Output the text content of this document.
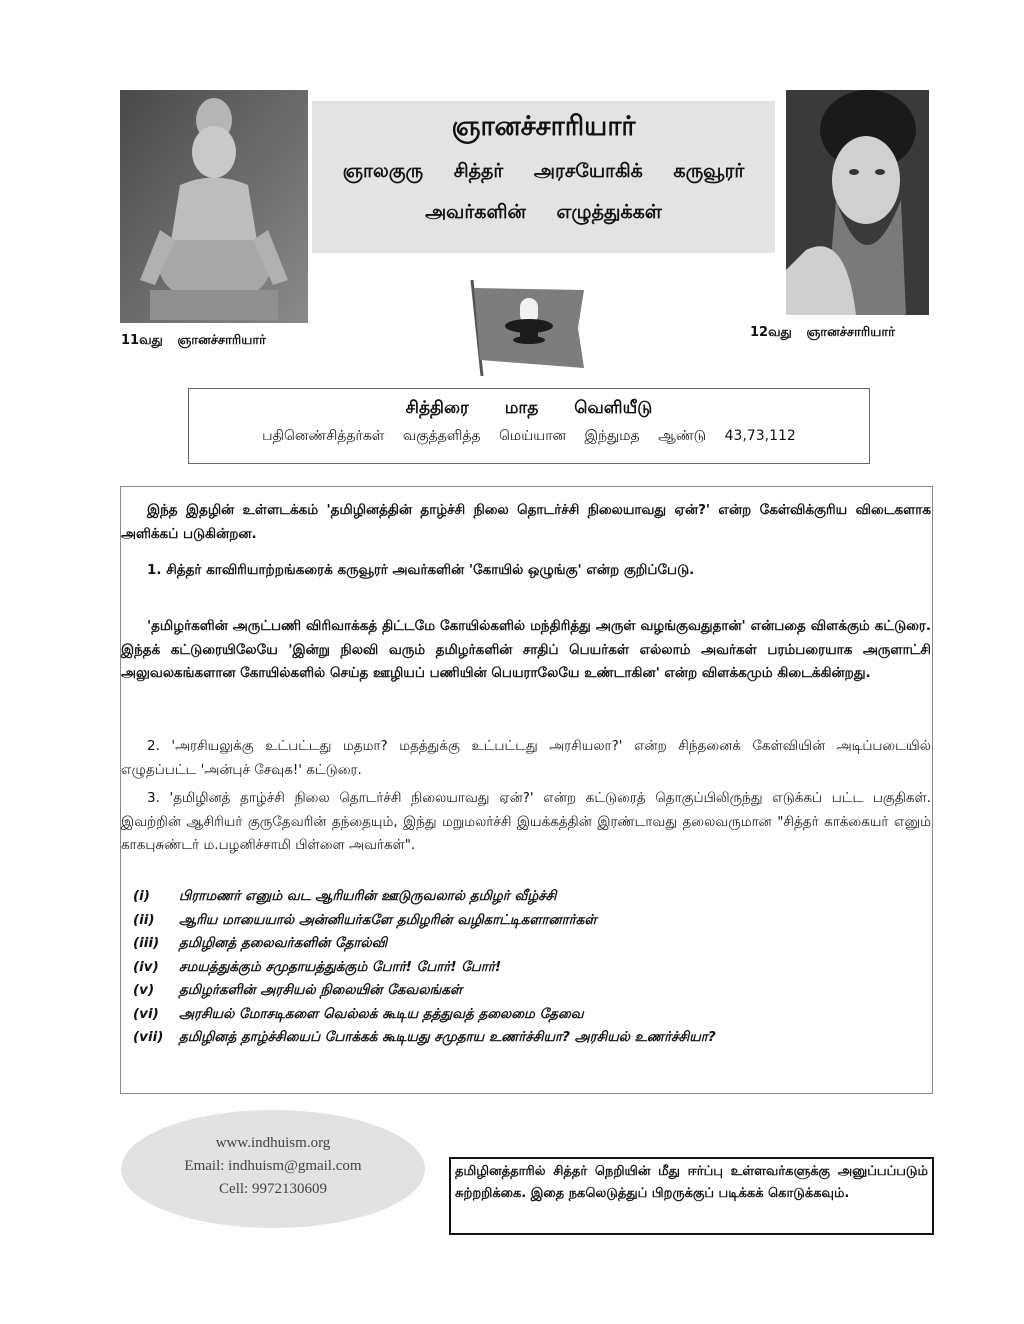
ஞானச்சாரியார்
ஞாலகுரு சித்தர் அரசயோகிக் கருவூரர்
அவர்களின் எழுத்துக்கள்
11வது ஞானச்சாரியார்
12வது ஞானச்சாரியார்
சித்திரை மாத வெளியீடு
பதினெண்சித்தர்கள் வகுத்தளித்த மெய்யான இந்துமத ஆண்டு 43,73,112

இந்த இதழின் உள்ளடக்கம் 'தமிழினத்தின் தாழ்ச்சி நிலை தொடர்ச்சி நிலையாவது ஏன்?' என்ற கேள்விக்குரிய விடைகளாக அளிக்கப் படுகின்றன.

1. சித்தர் காவிரியாற்றங்கரைக் கருவூரர் அவர்களின் 'கோயில் ஒழுங்கு' என்ற குறிப்பேடு.

'தமிழர்களின் அருட்பணி விரிவாக்கத் திட்டமே கோயில்களில் மந்திரித்து அருள் வழங்குவதுதான்' என்பதை விளக்கும் கட்டுரை. இந்தக் கட்டுரையிலேயே 'இன்று நிலவி வரும் தமிழர்களின் சாதிப் பெயர்கள் எல்லாம் அவர்கள் பரம்பரையாக அருளாட்சி அலுவலகங்களான கோயில்களில் செய்த ஊழியப் பணியின் பெயராலேயே உண்டாகின' என்ற விளக்கமும் கிடைக்கின்றது.

2. 'அரசியலுக்கு உட்பட்டது மதமா? மதத்துக்கு உட்பட்டது அரசியலா?' என்ற சிந்தனைக் கேள்வியின் அடிப்படையில் எழுதப்பட்ட 'அன்புச் சேவுக!' கட்டுரை.

3. 'தமிழினத் தாழ்ச்சி நிலை தொடர்ச்சி நிலையாவது ஏன்?' என்ற கட்டுரைத் தொகுப்பிலிருந்து எடுக்கப் பட்ட பகுதிகள். இவற்றின் ஆசிரியர் குருதேவரின் தந்தையும், இந்து மறுமலர்ச்சி இயக்கத்தின் இரண்டாவது தலைவருமான "சித்தர் காக்கையர் எனும் காகபுசுண்டர் ம.பழனிச்சாமி பிள்ளை அவர்கள்".

(i)	பிராமணர் எனும் வட ஆரியரின் ஊடுருவலால் தமிழர் வீழ்ச்சி
(ii)	ஆரிய மாயையால் அன்னியர்களே தமிழரின் வழிகாட்டிகளானார்கள்
(iii)	தமிழினத் தலைவர்களின் தோல்வி
(iv)	சமயத்துக்கும் சமுதாயத்துக்கும் போர்! போர்! போர்!
(v)	தமிழர்களின் அரசியல் நிலையின் கேவலங்கள்
(vi)	அரசியல் மோசடிகளை வெல்லக் கூடிய தத்துவத் தலைமை தேவை
(vii)	தமிழினத் தாழ்ச்சியைப் போக்கக் கூடியது சமுதாய உணர்ச்சியா? அரசியல் உணர்ச்சியா?
www.indhuism.org
Email: indhuism@gmail.com
Cell: 9972130609
தமிழினத்தாரில் சித்தர் நெறியின் மீது ஈர்ப்பு உள்ளவர்களுக்கு அனுப்பப்படும் சுற்றறிக்கை. இதை நகலெடுத்துப் பிறருக்குப் படிக்கக் கொடுக்கவும்.
